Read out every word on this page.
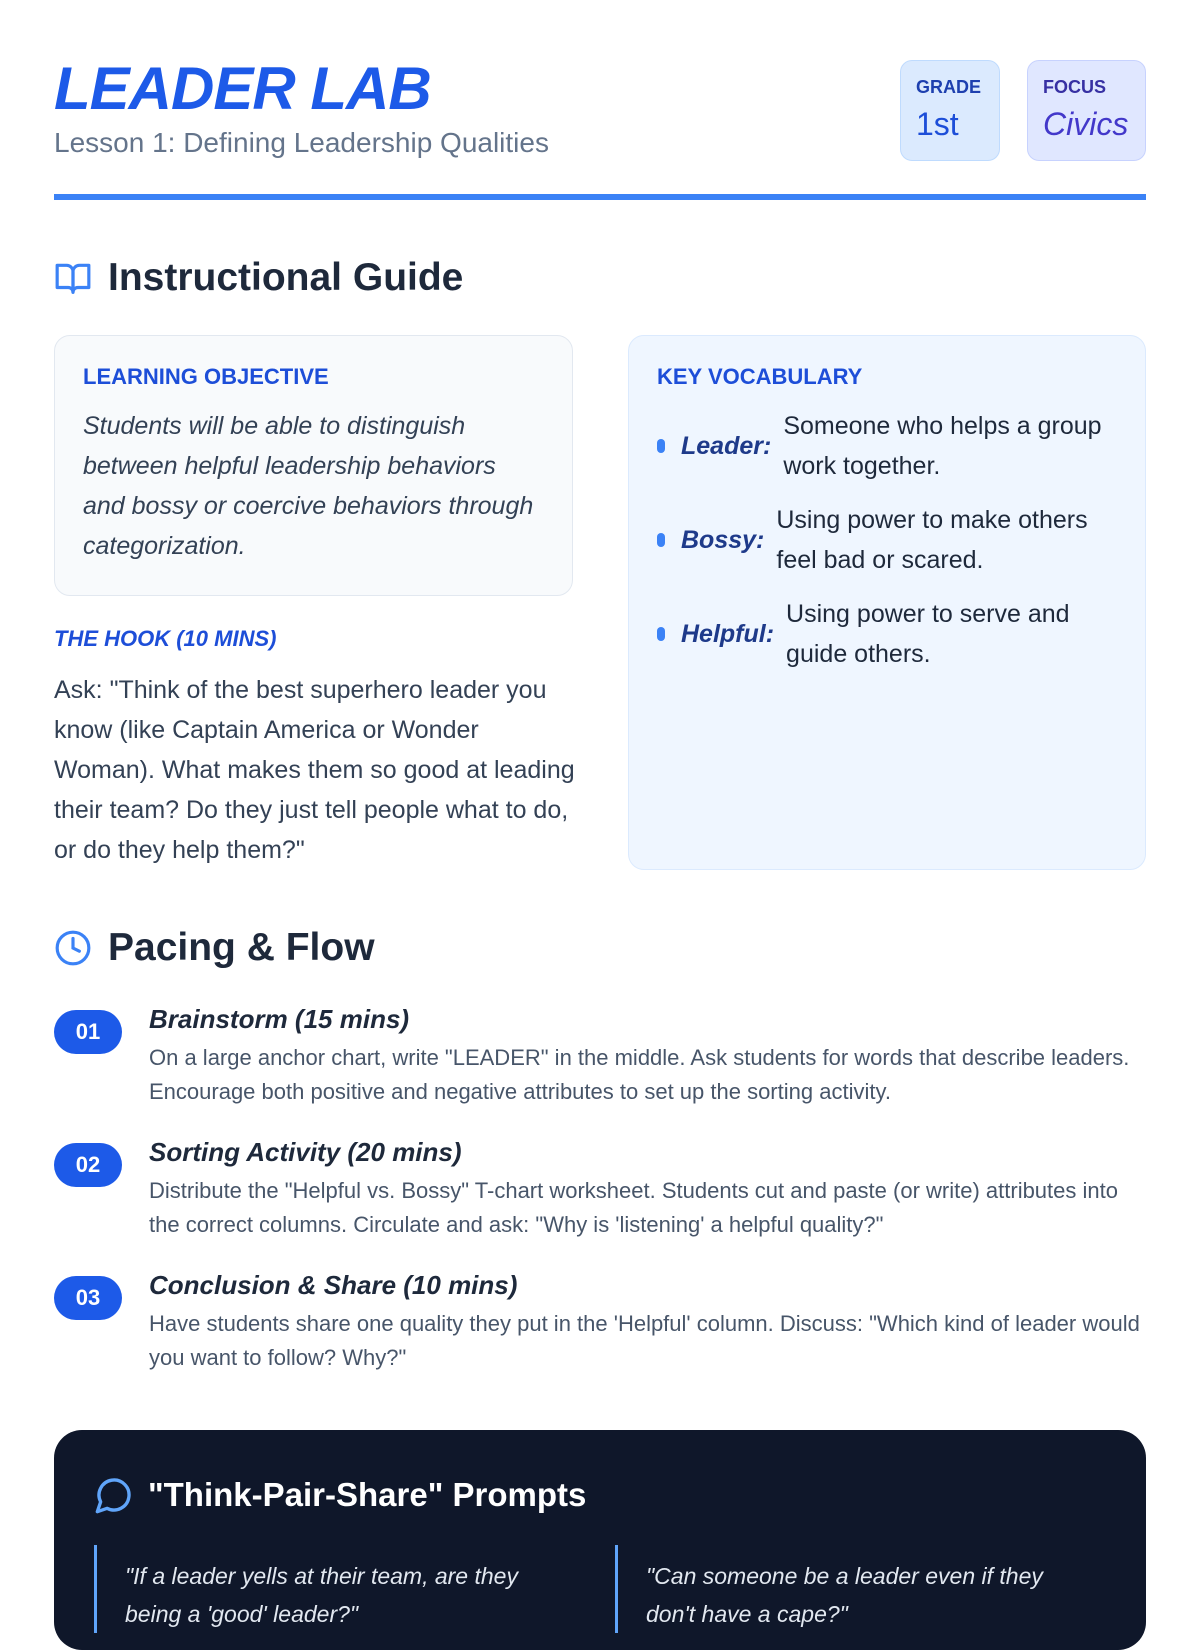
LEADER LAB
Lesson 1: Defining Leadership Qualities
GRADE
1st
FOCUS
Civics
Instructional Guide
LEARNING OBJECTIVE
Students will be able to distinguish between helpful leadership behaviors and bossy or coercive behaviors through categorization.
THE HOOK (10 MINS)
Ask: "Think of the best superhero leader you know (like Captain America or Wonder Woman). What makes them so good at leading their team? Do they just tell people what to do, or do they help them?"
KEY VOCABULARY
Leader:
Someone who helps a group work together.
Bossy:
Using power to make others feel bad or scared.
Helpful:
Using power to serve and guide others.
Pacing & Flow
01	Brainstorm (15 mins)
On a large anchor chart, write "LEADER" in the middle. Ask students for words that describe leaders. Encourage both positive and negative attributes to set up the sorting activity.
02	Sorting Activity (20 mins)
Distribute the "Helpful vs. Bossy" T-chart worksheet. Students cut and paste (or write) attributes into the correct columns. Circulate and ask: "Why is 'listening' a helpful quality?"
03	Conclusion & Share (10 mins)
Have students share one quality they put in the 'Helpful' column. Discuss: "Which kind of leader would you want to follow? Why?"
"Think-Pair-Share" Prompts
"If a leader yells at their team, are they being a 'good' leader?"
"Can someone be a leader even if they don't have a cape?"
